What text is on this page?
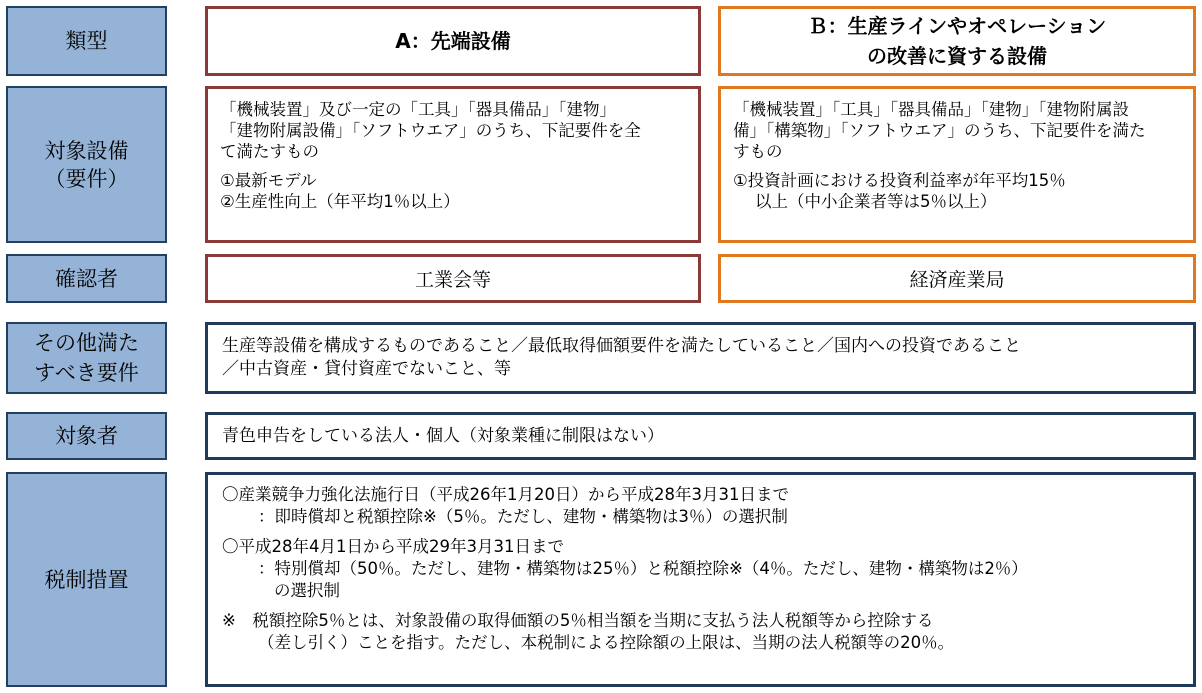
類型
対象設備
（要件）
確認者
その他満た
すべき要件
対象者
税制措置
A：先端設備

「機械装置」及び一定の「工具」「器具備品」「建物」

「建物附属設備」「ソフトウエア」のうち、下記要件を全

て満たすもの

①最新モデル

②生産性向上（年平均1％以上）

工業会等
Ｂ：生産ラインやオペレーション
の改善に資する設備

「機械装置」「工具」「器具備品」「建物」「建物附属設

備」「構築物」「ソフトウエア」のうち、下記要件を満た

すもの

①投資計画における投資利益率が年平均15％

以上（中小企業者等は5％以上）

経済産業局

生産等設備を構成するものであること／最低取得価額要件を満たしていること／国内への投資であること

／中古資産・貸付資産でないこと、等

青色申告をしている法人・個人（対象業種に制限はない）

〇産業競争力強化法施行日（平成26年1月20日）から平成28年3月31日まで

：即時償却と税額控除※（5％。ただし、建物・構築物は3％）の選択制

〇平成28年4月1日から平成29年3月31日まで

：特別償却（50％。ただし、建物・構築物は25％）と税額控除※（4％。ただし、建物・構築物は2％）

の選択制

※　税額控除5％とは、対象設備の取得価額の5％相当額を当期に支払う法人税額等から控除する

（差し引く）ことを指す。ただし、本税制による控除額の上限は、当期の法人税額等の20％。
